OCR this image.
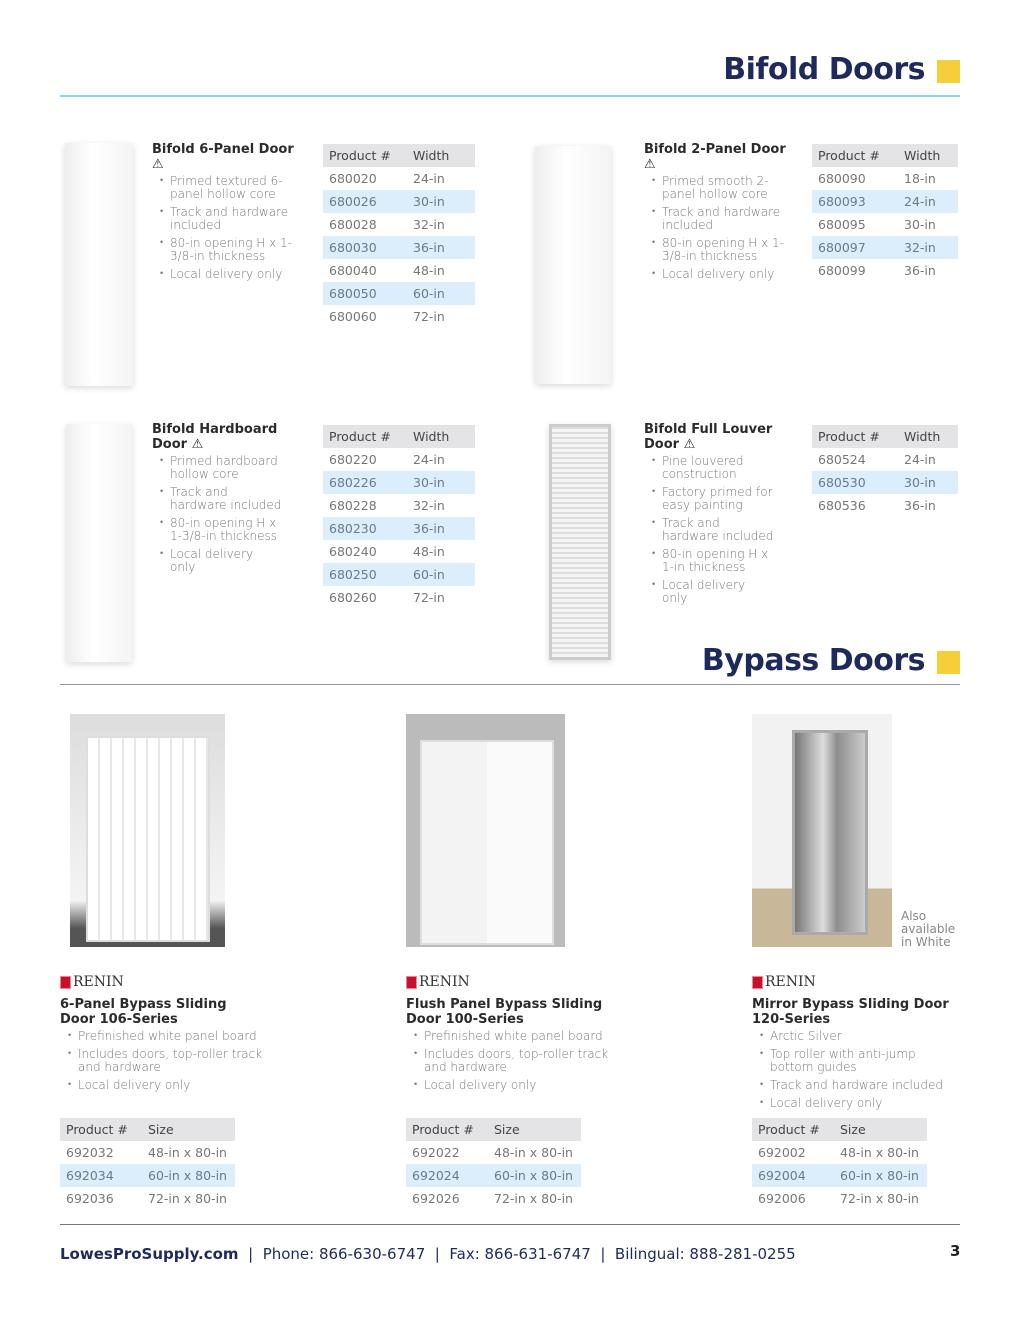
Bifold Doors
Bifold 6-Panel Door ⚠
• Primed textured 6-panel hollow core
• Track and hardware included
• 80-in opening H x 1-3/8-in thickness
• Local delivery only
Product #	Width
680020	24-in
680026	30-in
680028	32-in
680030	36-in
680040	48-in
680050	60-in
680060	72-in
Bifold 2-Panel Door ⚠
• Primed smooth 2-panel hollow core
• Track and hardware included
• 80-in opening H x 1-3/8-in thickness
• Local delivery only
Product #	Width
680090	18-in
680093	24-in
680095	30-in
680097	32-in
680099	36-in
Bifold Hardboard Door ⚠
• Primed hardboard hollow core
• Track and hardware included
• 80-in opening H x 1-3/8-in thickness
• Local delivery only
Product #	Width
680220	24-in
680226	30-in
680228	32-in
680230	36-in
680240	48-in
680250	60-in
680260	72-in
Bifold Full Louver Door ⚠
• Pine louvered construction
• Factory primed for easy painting
• Track and hardware included
• 80-in opening H x 1-in thickness
• Local delivery only
Product #	Width
680524	24-in
680530	30-in
680536	36-in
Bypass Doors
Also available in White
RENIN
6-Panel Bypass Sliding Door 106-Series
• Prefinished white panel board
• Includes doors, top-roller track and hardware
• Local delivery only
Product #	Size
692032	48-in x 80-in
692034	60-in x 80-in
692036	72-in x 80-in
RENIN
Flush Panel Bypass Sliding Door 100-Series
• Prefinished white panel board
• Includes doors, top-roller track and hardware
• Local delivery only
Product #	Size
692022	48-in x 80-in
692024	60-in x 80-in
692026	72-in x 80-in
RENIN
Mirror Bypass Sliding Door 120-Series
• Arctic Silver
• Top roller with anti-jump bottom guides
• Track and hardware included
• Local delivery only
Product #	Size
692002	48-in x 80-in
692004	60-in x 80-in
692006	72-in x 80-in
LowesProSupply.com  |  Phone: 866-630-6747  |  Fax: 866-631-6747  |  Bilingual: 888-281-0255	3
